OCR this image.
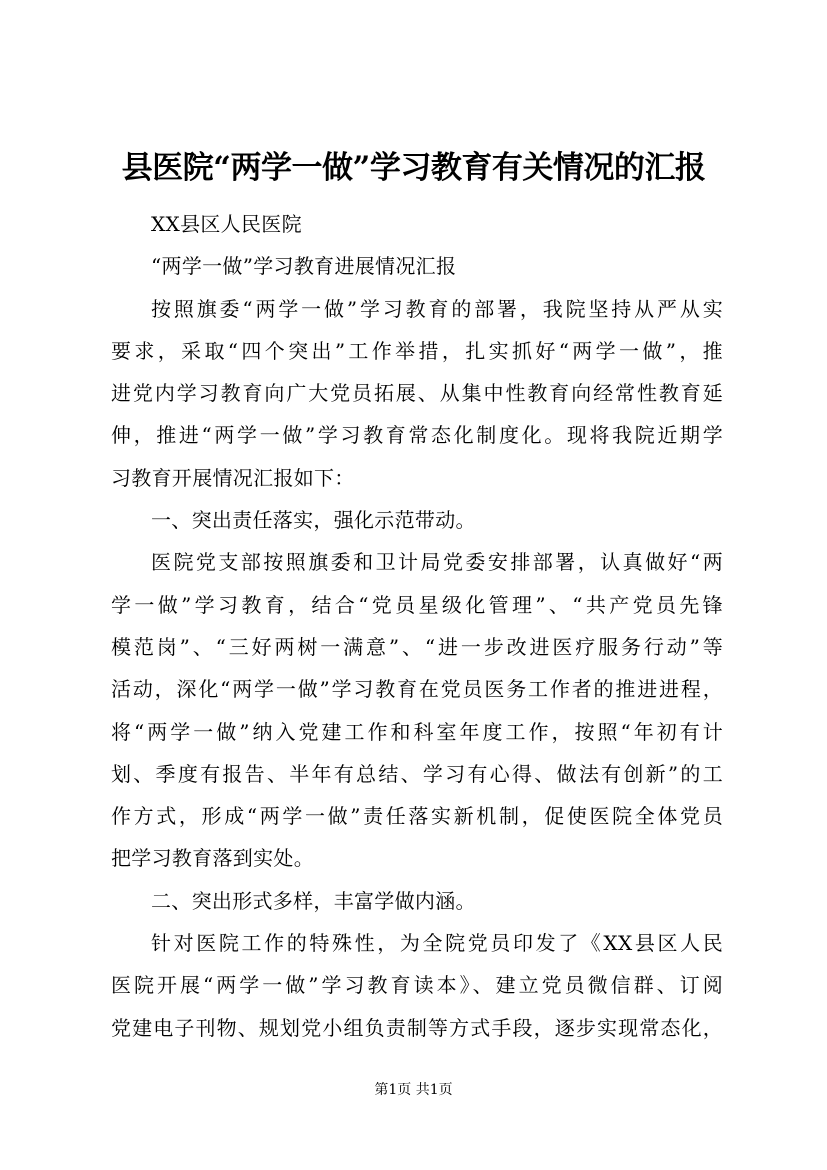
县医院“两学一做”学习教育有关情况的汇报
XX县区人民医院
“两学一做”学习教育进展情况汇报
按照旗委“两学一做”学习教育的部署，我院坚持从严从实
要求，采取“四个突出”工作举措，扎实抓好“两学一做”，推
进党内学习教育向广大党员拓展、从集中性教育向经常性教育延
伸，推进“两学一做”学习教育常态化制度化。现将我院近期学
习教育开展情况汇报如下：
一、突出责任落实，强化示范带动。
医院党支部按照旗委和卫计局党委安排部署，认真做好“两
学一做”学习教育，结合“党员星级化管理”、“共产党员先锋
模范岗”、“三好两树一满意”、“进一步改进医疗服务行动”等
活动，深化“两学一做”学习教育在党员医务工作者的推进进程，
将“两学一做”纳入党建工作和科室年度工作，按照“年初有计
划、季度有报告、半年有总结、学习有心得、做法有创新”的工
作方式，形成“两学一做”责任落实新机制，促使医院全体党员
把学习教育落到实处。
二、突出形式多样，丰富学做内涵。
针对医院工作的特殊性，为全院党员印发了《XX县区人民
医院开展“两学一做”学习教育读本》、建立党员微信群、订阅
党建电子刊物、规划党小组负责制等方式手段，逐步实现常态化，
第1页 共1页
